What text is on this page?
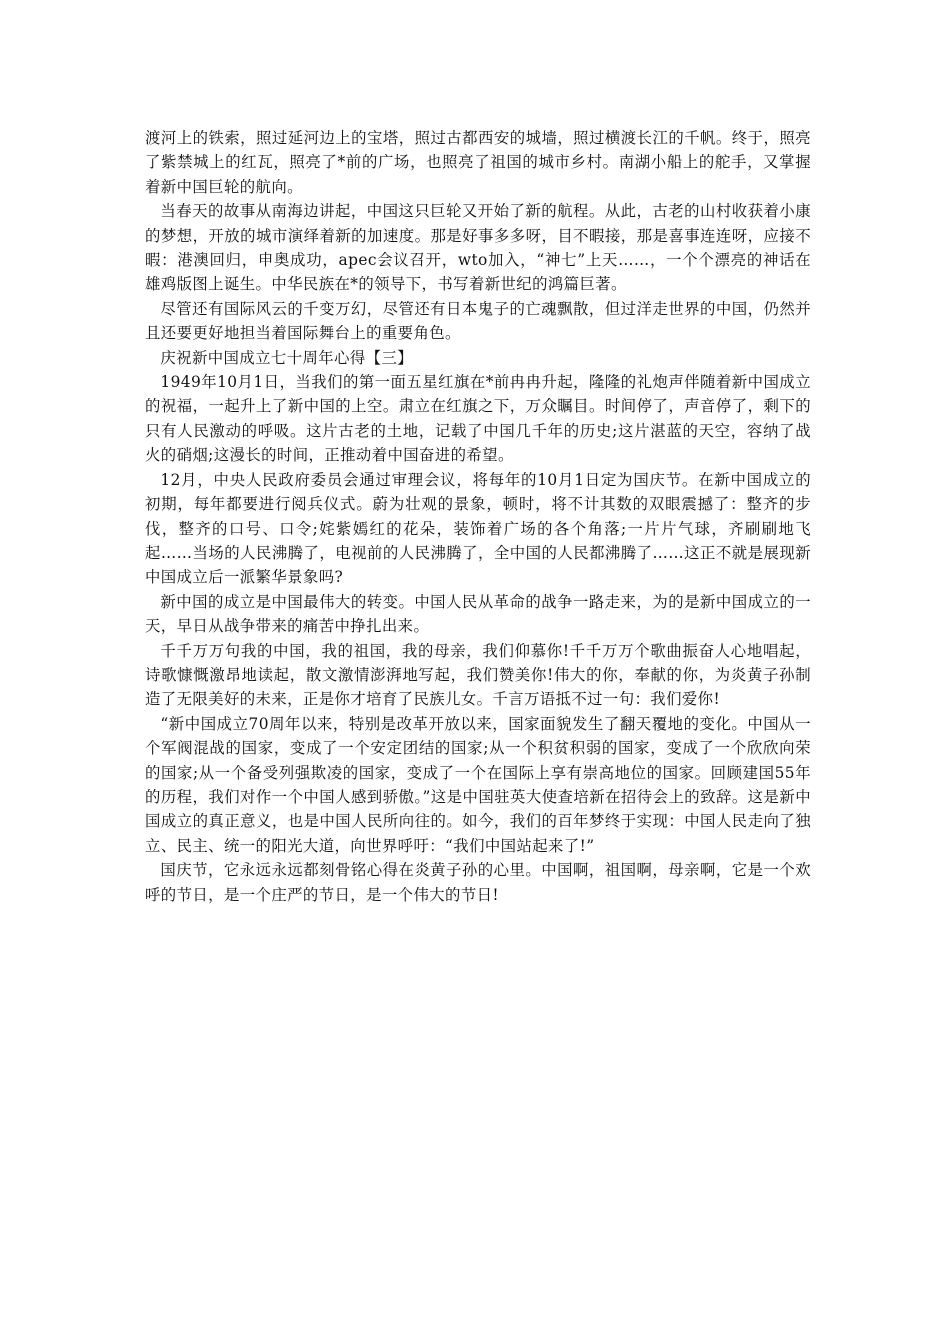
渡河上的铁索，照过延河边上的宝塔，照过古都西安的城墙，照过横渡长江的千帆。终于，照亮了紫禁城上的红瓦，照亮了*前的广场，也照亮了祖国的城市乡村。南湖小船上的舵手，又掌握着新中国巨轮的航向。

当春天的故事从南海边讲起，中国这只巨轮又开始了新的航程。从此，古老的山村收获着小康的梦想，开放的城市演绎着新的加速度。那是好事多多呀，目不暇接，那是喜事连连呀，应接不暇：港澳回归，申奥成功，apec会议召开，wto加入，“神七”上天……，一个个漂亮的神话在雄鸡版图上诞生。中华民族在*的领导下，书写着新世纪的鸿篇巨著。

尽管还有国际风云的千变万幻，尽管还有日本鬼子的亡魂飘散，但过洋走世界的中国，仍然并且还要更好地担当着国际舞台上的重要角色。

庆祝新中国成立七十周年心得【三】

1949年10月1日，当我们的第一面五星红旗在*前冉冉升起，隆隆的礼炮声伴随着新中国成立的祝福，一起升上了新中国的上空。肃立在红旗之下，万众瞩目。时间停了，声音停了，剩下的只有人民激动的呼吸。这片古老的土地，记载了中国几千年的历史;这片湛蓝的天空，容纳了战火的硝烟;这漫长的时间，正推动着中国奋进的希望。

12月，中央人民政府委员会通过审理会议，将每年的10月1日定为国庆节。在新中国成立的初期，每年都要进行阅兵仪式。蔚为壮观的景象，顿时，将不计其数的双眼震撼了：整齐的步伐，整齐的口号、口令;姹紫嫣红的花朵，装饰着广场的各个角落;一片片气球，齐刷刷地飞起……当场的人民沸腾了，电视前的人民沸腾了，全中国的人民都沸腾了……这正不就是展现新中国成立后一派繁华景象吗?

新中国的成立是中国最伟大的转变。中国人民从革命的战争一路走来，为的是新中国成立的一天，早日从战争带来的痛苦中挣扎出来。

千千万万句我的中国，我的祖国，我的母亲，我们仰慕你!千千万万个歌曲振奋人心地唱起，诗歌慷慨激昂地读起，散文激情澎湃地写起，我们赞美你!伟大的你，奉献的你，为炎黄子孙制造了无限美好的未来，正是你才培育了民族儿女。千言万语抵不过一句：我们爱你!

“新中国成立70周年以来，特别是改革开放以来，国家面貌发生了翻天覆地的变化。中国从一个军阀混战的国家，变成了一个安定团结的国家;从一个积贫积弱的国家，变成了一个欣欣向荣的国家;从一个备受列强欺凌的国家，变成了一个在国际上享有崇高地位的国家。回顾建国55年的历程，我们对作一个中国人感到骄傲。”这是中国驻英大使查培新在招待会上的致辞。这是新中国成立的真正意义，也是中国人民所向往的。如今，我们的百年梦终于实现：中国人民走向了独立、民主、统一的阳光大道，向世界呼吁：“我们中国站起来了!”

国庆节，它永远永远都刻骨铭心得在炎黄子孙的心里。中国啊，祖国啊，母亲啊，它是一个欢呼的节日，是一个庄严的节日，是一个伟大的节日!
